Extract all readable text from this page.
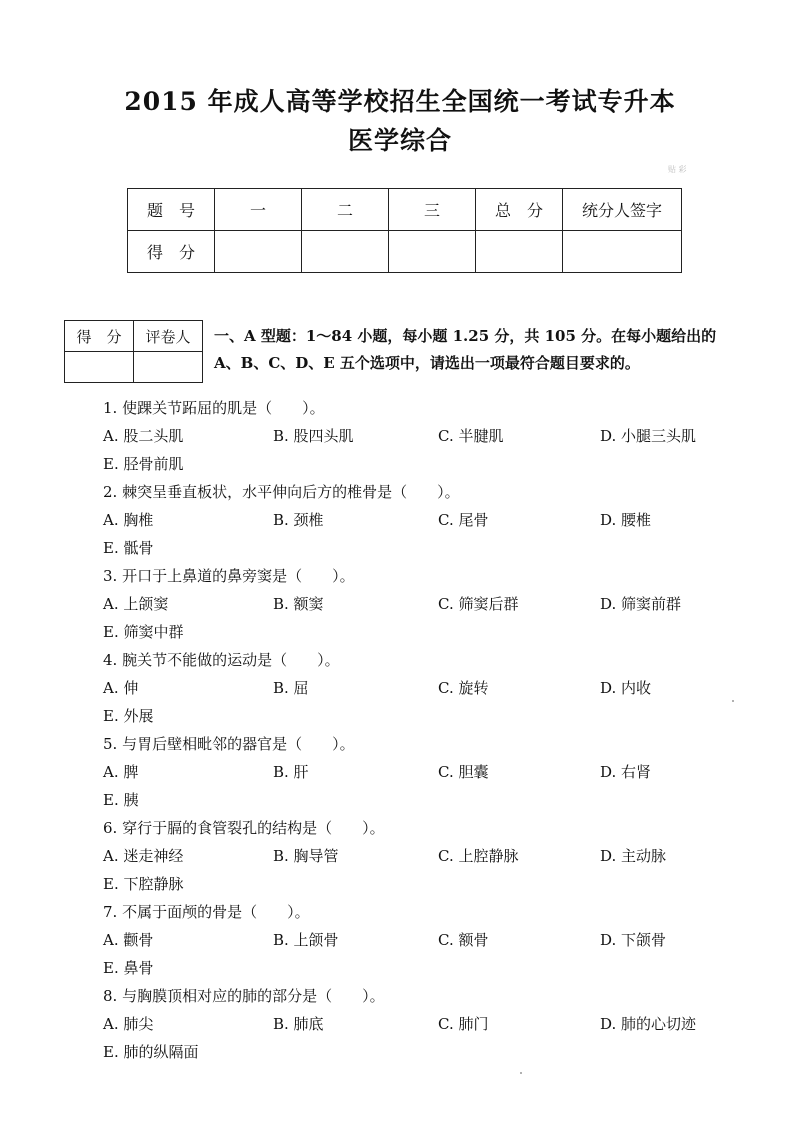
2015 年成人高等学校招生全国统一考试专升本
医学综合
贴 彩
题　号	一	二	三	总　分	统分人签字
得　分					
得　分	评卷人
	一、A 型题：1～84 小题，每小题 1.25 分，共 105 分。在每小题给出的
A、B、C、D、E 五个选项中，请选出一项最符合题目要求的。
1. 使踝关节跖屈的肌是（　　）。
A. 股二头肌	B. 股四头肌	C. 半腱肌	D. 小腿三头肌
E. 胫骨前肌
2. 棘突呈垂直板状，水平伸向后方的椎骨是（　　）。
A. 胸椎	B. 颈椎	C. 尾骨	D. 腰椎
E. 骶骨
3. 开口于上鼻道的鼻旁窦是（　　）。
A. 上颌窦	B. 额窦	C. 筛窦后群	D. 筛窦前群
E. 筛窦中群
4. 腕关节不能做的运动是（　　）。
A. 伸	B. 屈	C. 旋转	D. 内收
E. 外展
5. 与胃后壁相毗邻的器官是（　　）。
A. 脾	B. 肝	C. 胆囊	D. 右肾
E. 胰
6. 穿行于膈的食管裂孔的结构是（　　）。
A. 迷走神经	B. 胸导管	C. 上腔静脉	D. 主动脉
E. 下腔静脉
7. 不属于面颅的骨是（　　）。
A. 颧骨	B. 上颌骨	C. 额骨	D. 下颌骨
E. 鼻骨
8. 与胸膜顶相对应的肺的部分是（　　）。
A. 肺尖	B. 肺底	C. 肺门	D. 肺的心切迹
E. 肺的纵隔面
